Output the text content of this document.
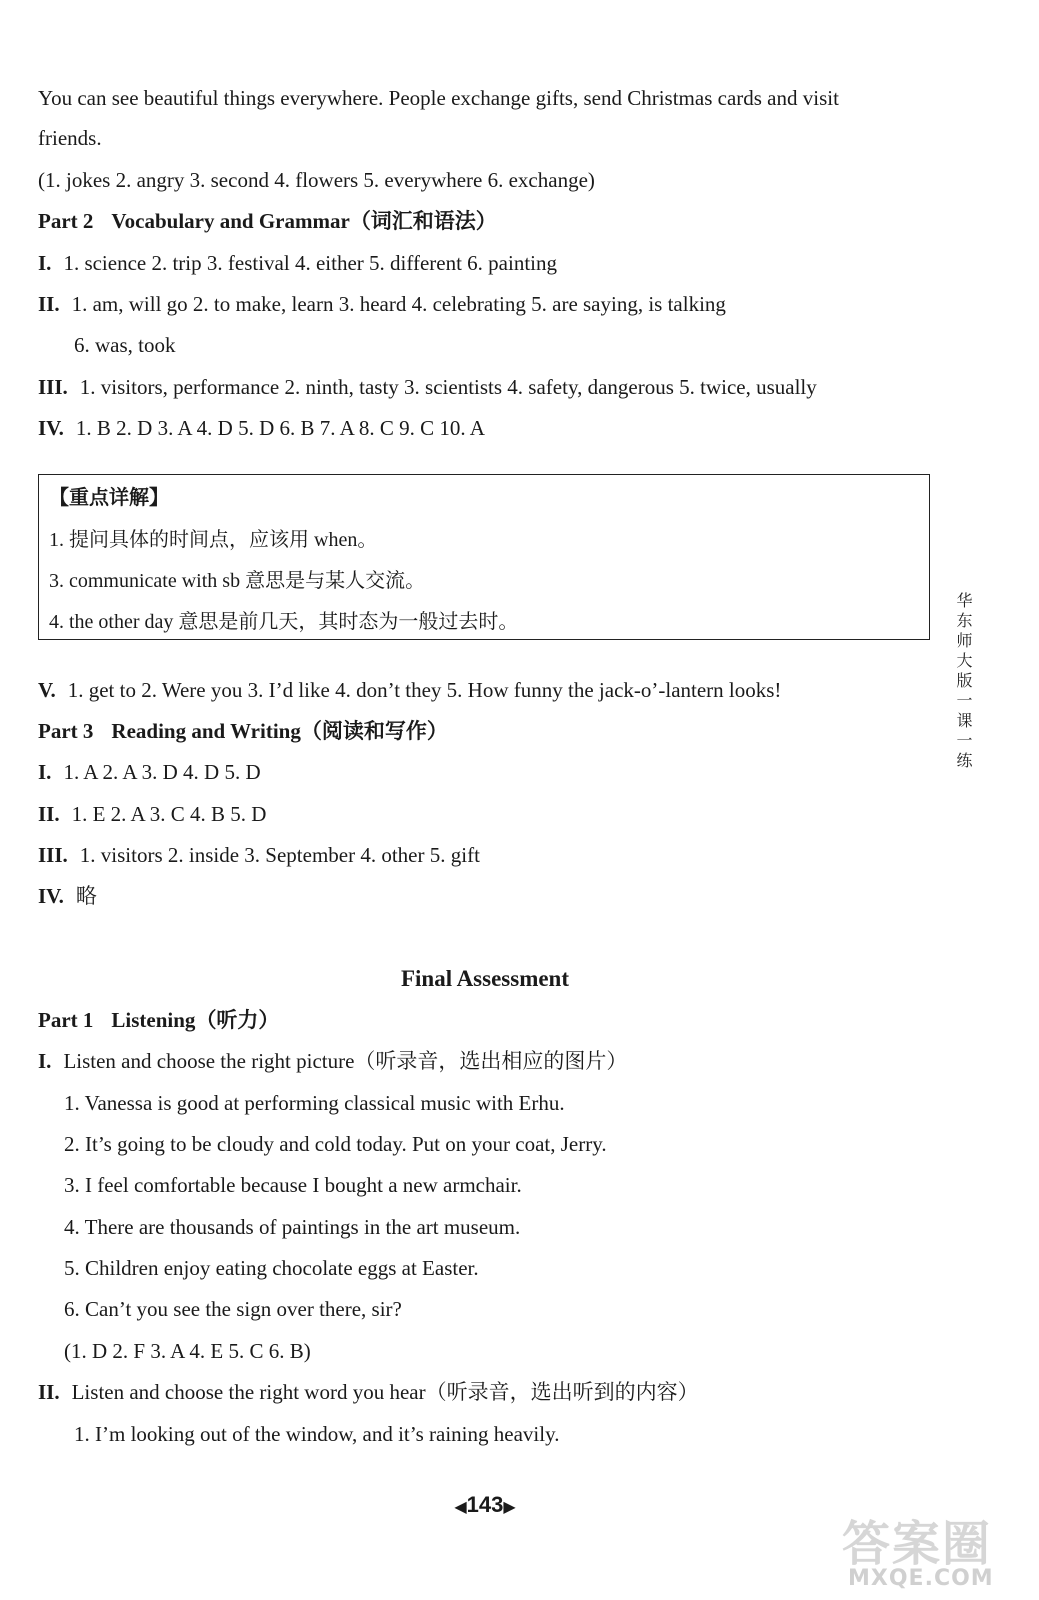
You can see beautiful things everywhere. People exchange gifts, send Christmas cards and visit
friends.
(1. jokes 2. angry 3. second 4. flowers 5. everywhere 6. exchange)
Part 2 Vocabulary and Grammar（词汇和语法）
I. 1. science 2. trip 3. festival 4. either 5. different 6. painting
II. 1. am, will go 2. to make, learn 3. heard 4. celebrating 5. are saying, is talking
6. was, took
III. 1. visitors, performance 2. ninth, tasty 3. scientists 4. safety, dangerous 5. twice, usually
IV. 1. B 2. D 3. A 4. D 5. D 6. B 7. A 8. C 9. C 10. A
【重点详解】
1. 提问具体的时间点，应该用 when。
3. communicate with sb 意思是与某人交流。
4. the other day 意思是前几天，其时态为一般过去时。
V. 1. get to 2. Were you 3. I’d like 4. don’t they 5. How funny the jack-o’-lantern looks!
Part 3 Reading and Writing（阅读和写作）
I. 1. A 2. A 3. D 4. D 5. D
II. 1. E 2. A 3. C 4. B 5. D
III. 1. visitors 2. inside 3. September 4. other 5. gift
IV. 略
Final Assessment
Part 1 Listening（听力）
I. Listen and choose the right picture（听录音，选出相应的图片）
1. Vanessa is good at performing classical music with Erhu.
2. It’s going to be cloudy and cold today. Put on your coat, Jerry.
3. I feel comfortable because I bought a new armchair.
4. There are thousands of paintings in the art museum.
5. Children enjoy eating chocolate eggs at Easter.
6. Can’t you see the sign over there, sir?
(1. D 2. F 3. A 4. E 5. C 6. B)
II. Listen and choose the right word you hear（听录音，选出听到的内容）
1. I’m looking out of the window, and it’s raining heavily.
华东师大版一课一练
◀143▶
答案圈
MXQE.COM
